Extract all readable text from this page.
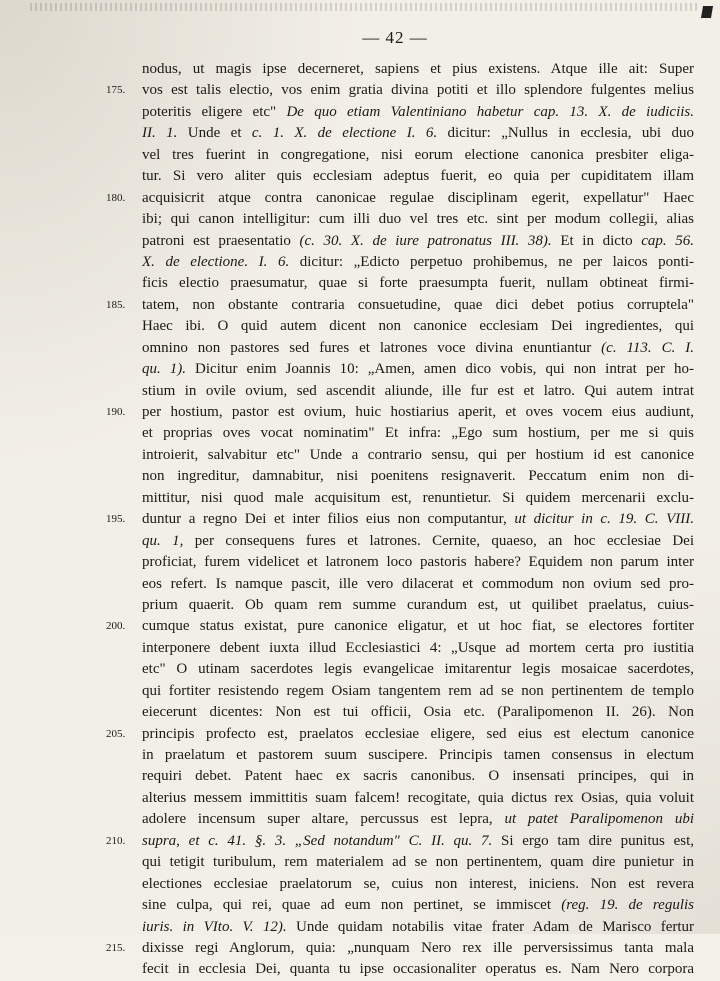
— 42 —
nodus, ut magis ipse decerneret, sapiens et pius existens. Atque ille ait: Super
175.	vos est talis electio, vos enim gratia divina potiti et illo splendore fulgentes melius
poteritis eligere etc" De quo etiam Valentiniano habetur cap. 13. X. de iudiciis.
II. 1. Unde et c. 1. X. de electione I. 6. dicitur: „Nullus in ecclesia, ubi duo
vel tres fuerint in congregatione, nisi eorum electione canonica presbiter eliga-
tur. Si vero aliter quis ecclesiam adeptus fuerit, eo quia per cupiditatem illam
180.	acquisicrit atque contra canonicae regulae disciplinam egerit, expellatur" Haec
ibi; qui canon intelligitur: cum illi duo vel tres etc. sint per modum collegii, alias
patroni est praesentatio (c. 30. X. de iure patronatus III. 38). Et in dicto cap. 56.
X. de electione. I. 6. dicitur: „Edicto perpetuo prohibemus, ne per laicos ponti-
ficis electio praesumatur, quae si forte praesumpta fuerit, nullam obtineat firmi-
185.	tatem, non obstante contraria consuetudine, quae dici debet potius corruptela"
Haec ibi. O quid autem dicent non canonice ecclesiam Dei ingredientes, qui
omnino non pastores sed fures et latrones voce divina enuntiantur (c. 113. C. I.
qu. 1). Dicitur enim Joannis 10: „Amen, amen dico vobis, qui non intrat per ho-
stium in ovile ovium, sed ascendit aliunde, ille fur est et latro. Qui autem intrat
190.	per hostium, pastor est ovium, huic hostiarius aperit, et oves vocem eius audiunt,
et proprias oves vocat nominatim" Et infra: „Ego sum hostium, per me si quis
introierit, salvabitur etc" Unde a contrario sensu, qui per hostium id est canonice
non ingreditur, damnabitur, nisi poenitens resignaverit. Peccatum enim non di-
mittitur, nisi quod male acquisitum est, renuntietur. Si quidem mercenarii exclu-
195.	duntur a regno Dei et inter filios eius non computantur, ut dicitur in c. 19. C. VIII.
qu. 1, per consequens fures et latrones. Cernite, quaeso, an hoc ecclesiae Dei
proficiat, furem videlicet et latronem loco pastoris habere? Equidem non parum inter
eos refert. Is namque pascit, ille vero dilacerat et commodum non ovium sed pro-
prium quaerit. Ob quam rem summe curandum est, ut quilibet praelatus, cuius-
200.	cumque status existat, pure canonice eligatur, et ut hoc fiat, se electores fortiter
interponere debent iuxta illud Ecclesiastici 4: „Usque ad mortem certa pro iustitia
etc" O utinam sacerdotes legis evangelicae imitarentur legis mosaicae sacerdotes,
qui fortiter resistendo regem Osiam tangentem rem ad se non pertinentem de templo
eiecerunt dicentes: Non est tui officii, Osia etc. (Paralipomenon II. 26). Non
205.	principis profecto est, praelatos ecclesiae eligere, sed eius est electum canonice
in praelatum et pastorem suum suscipere. Principis tamen consensus in electum
requiri debet. Patent haec ex sacris canonibus. O insensati principes, qui in
alterius messem immittitis suam falcem! recogitate, quia dictus rex Osias, quia voluit
adolere incensum super altare, percussus est lepra, ut patet Paralipomenon ubi
210.	supra, et c. 41. §. 3. „Sed notandum" C. II. qu. 7. Si ergo tam dire punitus est,
qui tetigit turibulum, rem materialem ad se non pertinentem, quam dire punietur in
electiones ecclesiae praelatorum se, cuius non interest, iniciens. Non est revera
sine culpa, qui rei, quae ad eum non pertinet, se immiscet (reg. 19. de regulis
iuris. in VIto. V. 12). Unde quidam notabilis vitae frater Adam de Marisco fertur
215.	dixisse regi Anglorum, quia: „nunquam Nero rex ille perversissimus tanta mala
fecit in ecclesia Dei, quanta tu ipse occasionaliter operatus es. Nam Nero corpora
